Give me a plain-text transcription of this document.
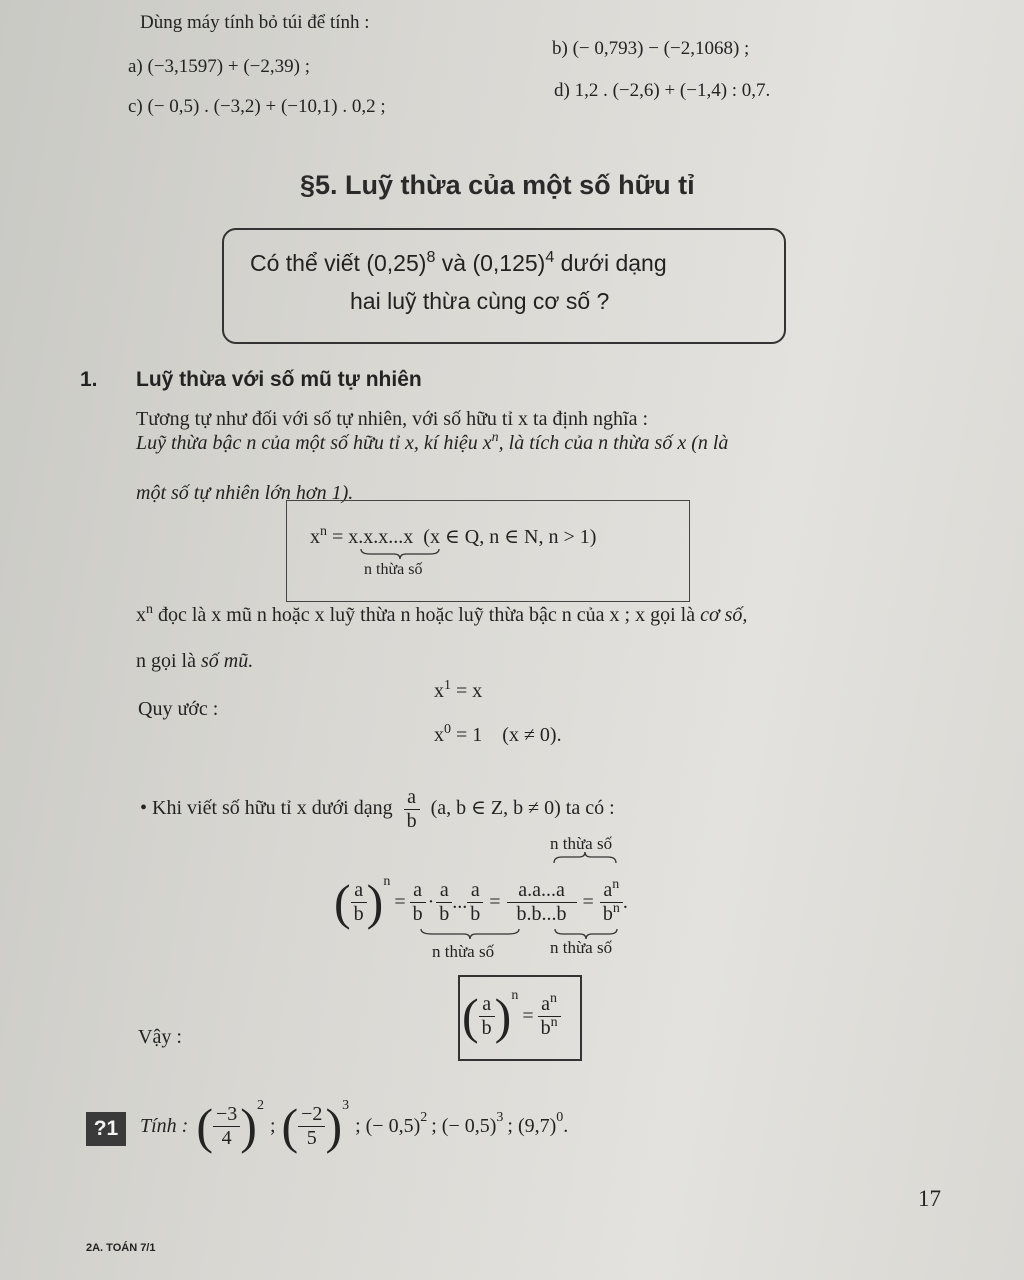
Dùng máy tính bỏ túi để tính :
a) (−3,1597) + (−2,39) ;
b) (− 0,793) − (−2,1068) ;
c) (− 0,5) . (−3,2) + (−10,1) . 0,2 ;
d) 1,2 . (−2,6) + (−1,4) : 0,7.
§5. Luỹ thừa của một số hữu tỉ
Có thể viết $(0,25)^8$ và $(0,125)^4$ dưới dạng
hai luỹ thừa cùng cơ số ?
1. Luỹ thừa với số mũ tự nhiên
Tương tự như đối với số tự nhiên, với số hữu tỉ x ta định nghĩa :
Luỹ thừa bậc n của một số hữu tỉ x, kí hiệu $x^n$, là tích của n thừa số x (n là
một số tự nhiên lớn hơn 1).
$x^n = x.x.x...x$ (x ∈ Q, n ∈ N, n > 1)
n thừa số
$x^n$ đọc là x mũ n hoặc x luỹ thừa n hoặc luỹ thừa bậc n của x ; x gọi là cơ số,
n gọi là số mũ.
Quy ước :
$x^1 = x$
$x^0 = 1$    (x ≠ 0).
• Khi viết số hữu tỉ x dưới dạng $\frac{a}{b} (a$, b ∈ Z, b ≠ 0) ta có :
n thừa số
( $\frac{a}{b}$ ) n
= $\frac{a}{b} \cdot \frac{a}{b}$ ... $\frac{a}{b} = \frac{a.a...a}{b.b...b} = \frac{a^n}{b^n}$ .
n thừa số	n thừa số
Vậy :	( $\frac{a}{b}$ ) n
= $\frac{a^n}{b^n}$
?1	Tính : ( $\frac{-3}{4}$ ) 2
; ( $\frac{-2}{5}$ ) 3
; (− 0,5) 2 ; (− 0,5) 3 ; (9,7) 0 .
17
2A. TOÁN 7/1
